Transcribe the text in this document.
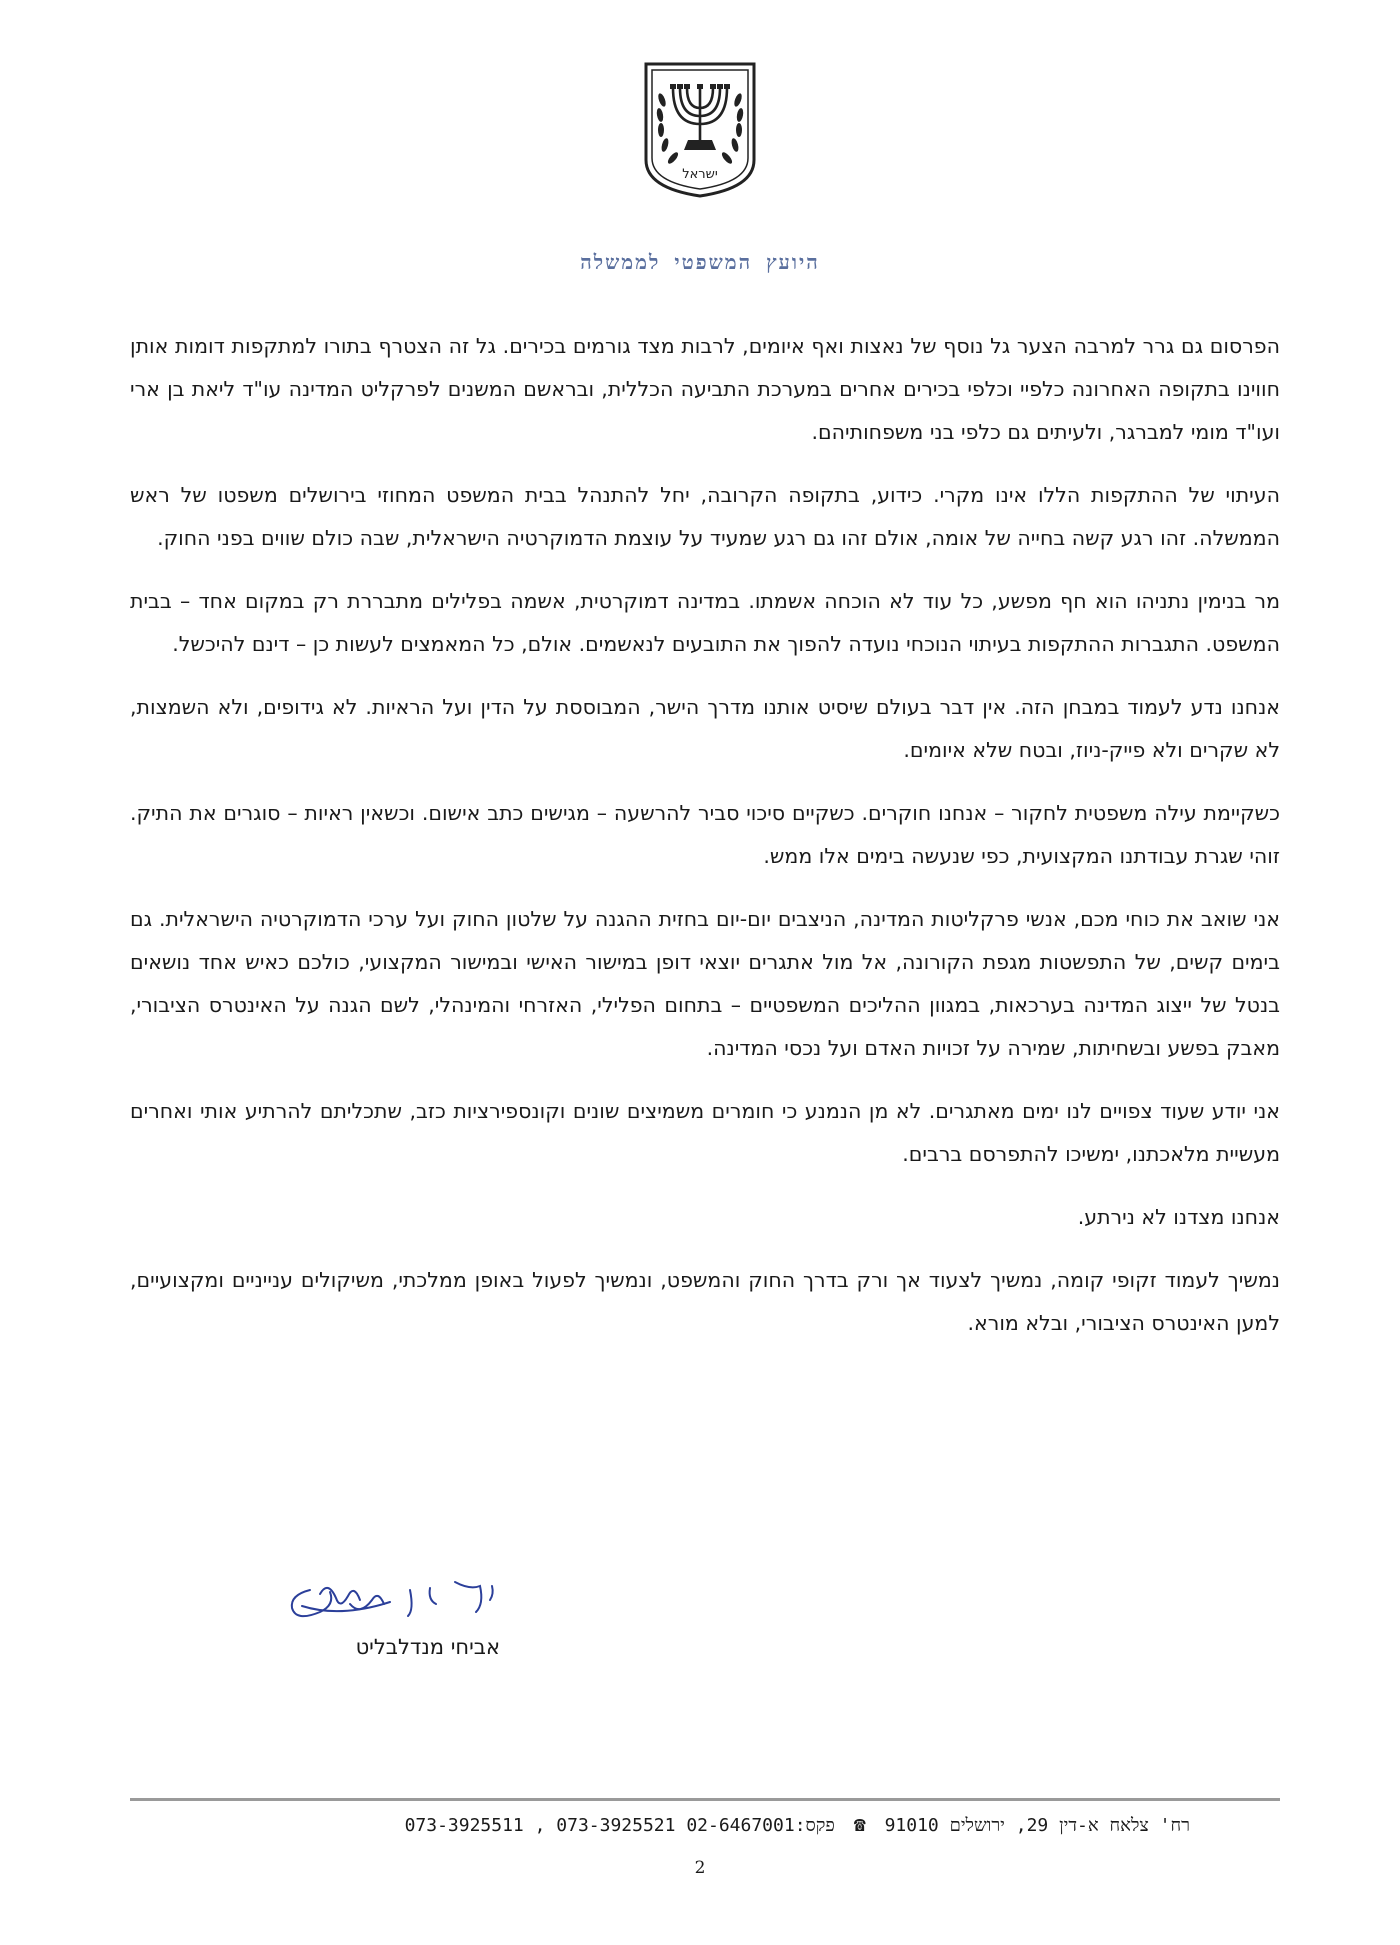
ישראל
היועץ המשפטי לממשלה

הפרסום גם גרר למרבה הצער גל נוסף של נאצות ואף איומים, לרבות מצד גורמים בכירים. גל זה הצטרף בתורו למתקפות דומות אותן חווינו בתקופה האחרונה כלפיי וכלפי בכירים אחרים במערכת התביעה הכללית, ובראשם המשנים לפרקליט המדינה עו"ד ליאת בן ארי ועו"ד מומי למברגר, ולעיתים גם כלפי בני משפחותיהם.

העיתוי של ההתקפות הללו אינו מקרי. כידוע, בתקופה הקרובה, יחל להתנהל בבית המשפט המחוזי בירושלים משפטו של ראש הממשלה. זהו רגע קשה בחייה של אומה, אולם זהו גם רגע שמעיד על עוצמת הדמוקרטיה הישראלית, שבה כולם שווים בפני החוק.

מר בנימין נתניהו הוא חף מפשע, כל עוד לא הוכחה אשמתו. במדינה דמוקרטית, אשמה בפלילים מתבררת רק במקום אחד – בבית המשפט. התגברות ההתקפות בעיתוי הנוכחי נועדה להפוך את התובעים לנאשמים. אולם, כל המאמצים לעשות כן – דינם להיכשל.

אנחנו נדע לעמוד במבחן הזה. אין דבר בעולם שיסיט אותנו מדרך הישר, המבוססת על הדין ועל הראיות. לא גידופים, ולא השמצות, לא שקרים ולא פייק-ניוז, ובטח שלא איומים.

כשקיימת עילה משפטית לחקור – אנחנו חוקרים. כשקיים סיכוי סביר להרשעה – מגישים כתב אישום. וכשאין ראיות – סוגרים את התיק. זוהי שגרת עבודתנו המקצועית, כפי שנעשה בימים אלו ממש.

אני שואב את כוחי מכם, אנשי פרקליטות המדינה, הניצבים יום-יום בחזית ההגנה על שלטון החוק ועל ערכי הדמוקרטיה הישראלית. גם בימים קשים, של התפשטות מגפת הקורונה, אל מול אתגרים יוצאי דופן במישור האישי ובמישור המקצועי, כולכם כאיש אחד נושאים בנטל של ייצוג המדינה בערכאות, במגוון ההליכים המשפטיים – בתחום הפלילי, האזרחי והמינהלי, לשם הגנה על האינטרס הציבורי, מאבק בפשע ובשחיתות, שמירה על זכויות האדם ועל נכסי המדינה.

אני יודע שעוד צפויים לנו ימים מאתגרים. לא מן הנמנע כי חומרים משמיצים שונים וקונספירציות כזב, שתכליתם להרתיע אותי ואחרים מעשיית מלאכתנו, ימשיכו להתפרסם ברבים.

אנחנו מצדנו לא נירתע.

נמשיך לעמוד זקופי קומה, נמשיך לצעוד אך ורק בדרך החוק והמשפט, ונמשיך לפעול באופן ממלכתי, משיקולים ענייניים ומקצועיים, למען האינטרס הציבורי, ובלא מורא.

אביחי מנדלבליט
רח' צלאח א-דין 29, ירושלים 91010 ☎ 073-3925511 , 073-3925521 פקס:02-6467001
2
